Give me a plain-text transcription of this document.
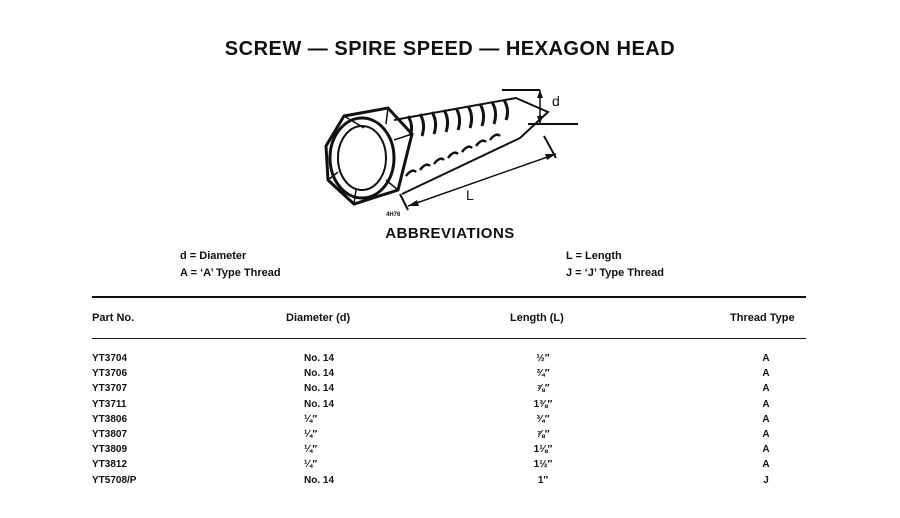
SCREW — SPIRE SPEED — HEXAGON HEAD
d
L
4H76
ABBREVIATIONS
d = Diameter
A = ‘A’ Type Thread
L = Length
J = ‘J’ Type Thread
Part No.	Diameter (d)	Length (L)	Thread Type
YT3704	No. 14	½″	A
YT3706	No. 14	¾″	A
YT3707	No. 14	⅞″	A
YT3711	No. 14	1⅜″	A
YT3806	¼″	¾″	A
YT3807	¼″	⅞″	A
YT3809	¼″	1⅛″	A
YT3812	¼″	1½″	A
YT5708/P	No. 14	1″	J
